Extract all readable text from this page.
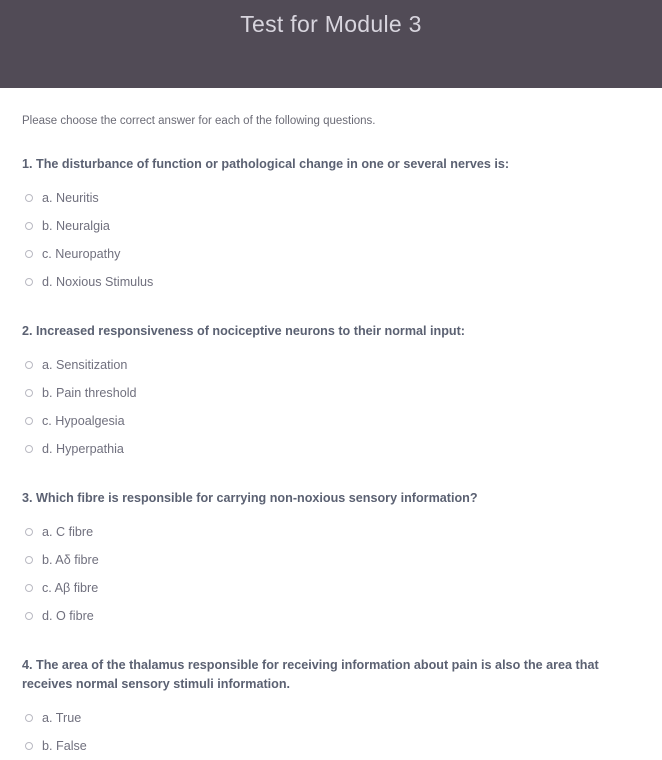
Test for Module 3

Please choose the correct answer for each of the following questions.

1. The disturbance of function or pathological change in one or several nerves is:

a. Neuritis
b. Neuralgia
c. Neuropathy
d. Noxious Stimulus

2. Increased responsiveness of nociceptive neurons to their normal input:

a. Sensitization
b. Pain threshold
c. Hypoalgesia
d. Hyperpathia

3. Which fibre is responsible for carrying non-noxious sensory information?

a. C fibre
b. Aδ fibre
c. Aβ fibre
d. O fibre

4. The area of the thalamus responsible for receiving information about pain is also the area that receives normal sensory stimuli information.

a. True
b. False
